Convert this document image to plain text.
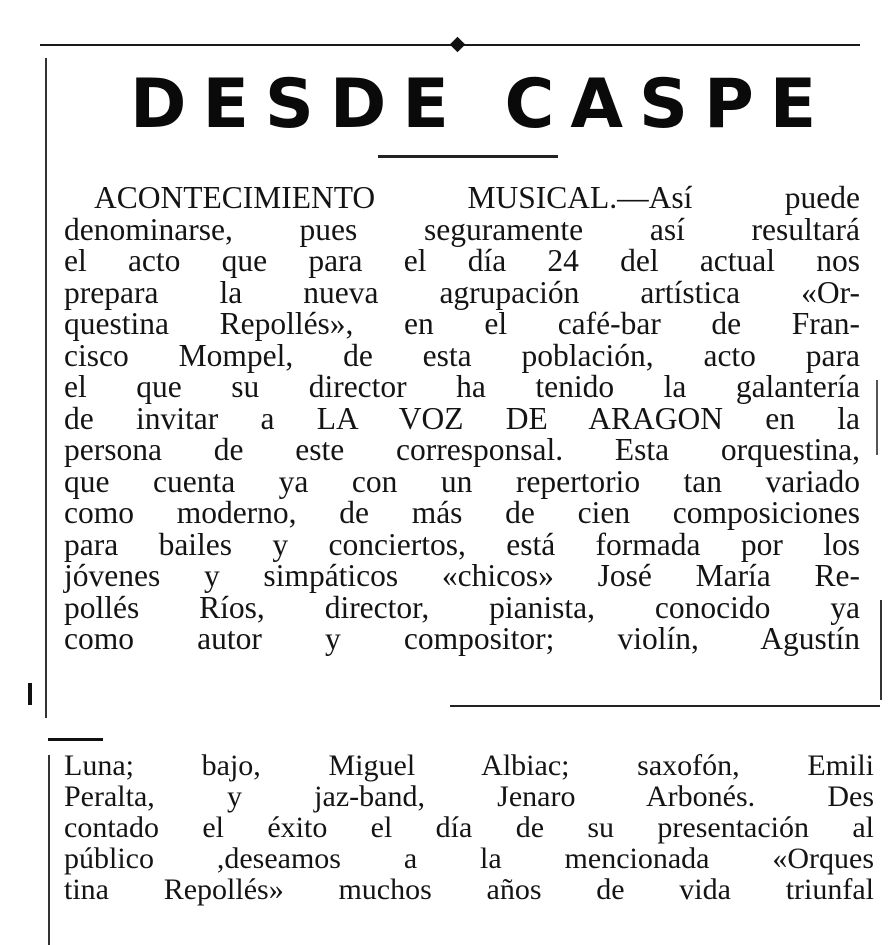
DESDE CASPE
ACONTECIMIENTO MUSICAL.—Así puede
denominarse, pues seguramente así resultará
el acto que para el día 24 del actual nos
prepara la nueva agrupación artística «Or-
questina Repollés», en el café-bar de Fran-
cisco Mompel, de esta población, acto para
el que su director ha tenido la galantería
de invitar a LA VOZ DE ARAGON en la
persona de este corresponsal. Esta orquestina,
que cuenta ya con un repertorio tan variado
como moderno, de más de cien composiciones
para bailes y conciertos, está formada por los
jóvenes y simpáticos «chicos» José María Re-
pollés Ríos, director, pianista, conocido ya
como autor y compositor; violín, Agustín
Luna; bajo, Miguel Albiac; saxofón, Emili
Peralta, y jaz-band, Jenaro Arbonés. Des
contado el éxito el día de su presentación al
público ,deseamos a la mencionada «Orques
tina Repollés» muchos años de vida triunfal
